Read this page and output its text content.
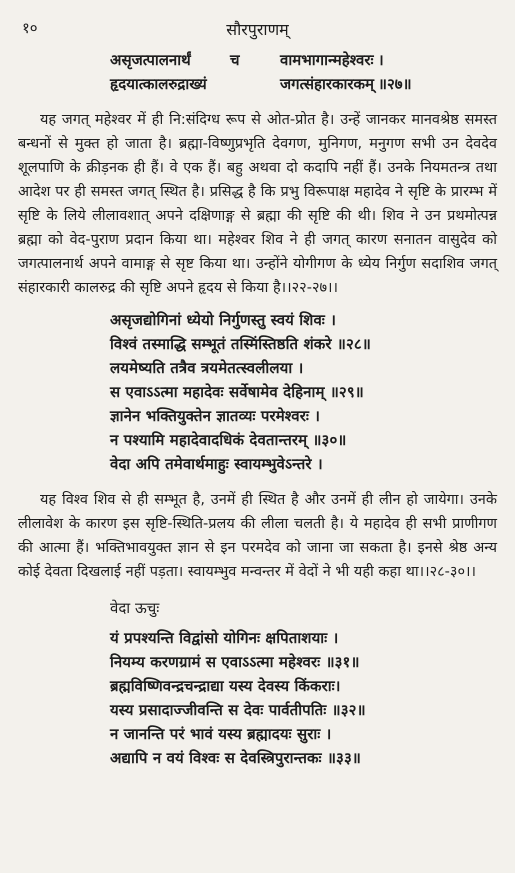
१०	सौरपुराणम्
असृजत्पालनार्थं	च	वामभागान्महेश्वरः ।
हृदयात्कालरुद्राख्यं	जगत्संहारकारकम् ॥२७॥

यह जगत् महेश्वर में ही नि:संदिग्ध रूप से ओत-प्रोत है। उन्हें जानकर मानवश्रेष्ठ समस्त बन्धनों से मुक्त हो जाता है। ब्रह्मा-विष्णुप्रभृति देवगण, मुनिगण, मनुगण सभी उन देवदेव शूलपाणि के क्रीड़नक ही हैं। वे एक हैं। बहु अथवा दो कदापि नहीं हैं। उनके नियमतन्त्र तथा आदेश पर ही समस्त जगत् स्थित है। प्रसिद्ध है कि प्रभु विरूपाक्ष महादेव ने सृष्टि के प्रारम्भ में सृष्टि के लिये लीलावशात् अपने दक्षिणाङ्ग से ब्रह्मा की सृष्टि की थी। शिव ने उन प्रथमोत्पन्न ब्रह्मा को वेद-पुराण प्रदान किया था। महेश्वर शिव ने ही जगत् कारण सनातन वासुदेव को जगत्पालनार्थ अपने वामाङ्ग से सृष्ट किया था। उन्होंने योगीगण के ध्येय निर्गुण सदाशिव जगत् संहारकारी कालरुद्र की सृष्टि अपने हृदय से किया है।।२२-२७।।

असृजद्योगिनां ध्येयो निर्गुणस्तु स्वयं शिवः ।
विश्वं तस्माद्धि सम्भूतं तस्मिंस्तिष्ठति शंकरे ॥२८॥
लयमेष्यति तत्रैव त्रयमेतत्स्वलीलया ।
स एवाऽऽत्मा महादेवः सर्वेषामेव देहिनाम् ॥२९॥
ज्ञानेन भक्तियुक्तेन ज्ञातव्यः परमेश्वरः ।
न पश्यामि महादेवादधिकं देवतान्तरम् ॥३०॥
वेदा अपि तमेवार्थमाहुः स्वायम्भुवेऽन्तरे ।

यह विश्व शिव से ही सम्भूत है, उनमें ही स्थित है और उनमें ही लीन हो जायेगा। उनके लीलावेश के कारण इस सृष्टि-स्थिति-प्रलय की लीला चलती है। ये महादेव ही सभी प्राणीगण की आत्मा हैं। भक्तिभावयुक्त ज्ञान से इन परमदेव को जाना जा सकता है। इनसे श्रेष्ठ अन्य कोई देवता दिखलाई नहीं पड़ता। स्वायम्भुव मन्वन्तर में वेदों ने भी यही कहा था।।२८-३०।।

वेदा ऊचुः
यं प्रपश्यन्ति विद्वांसो योगिनः क्षपिताशयाः ।
नियम्य करणग्रामं स एवाऽऽत्मा महेश्वरः ॥३१॥
ब्रह्मविष्णिवन्द्रचन्द्राद्या यस्य देवस्य किंकराः।
यस्य प्रसादाज्जीवन्ति स देवः पार्वतीपतिः ॥३२॥
न जानन्ति परं भावं यस्य ब्रह्मादयः सुराः ।
अद्यापि न वयं विश्वः स देवस्त्रिपुरान्तकः ॥३३॥
